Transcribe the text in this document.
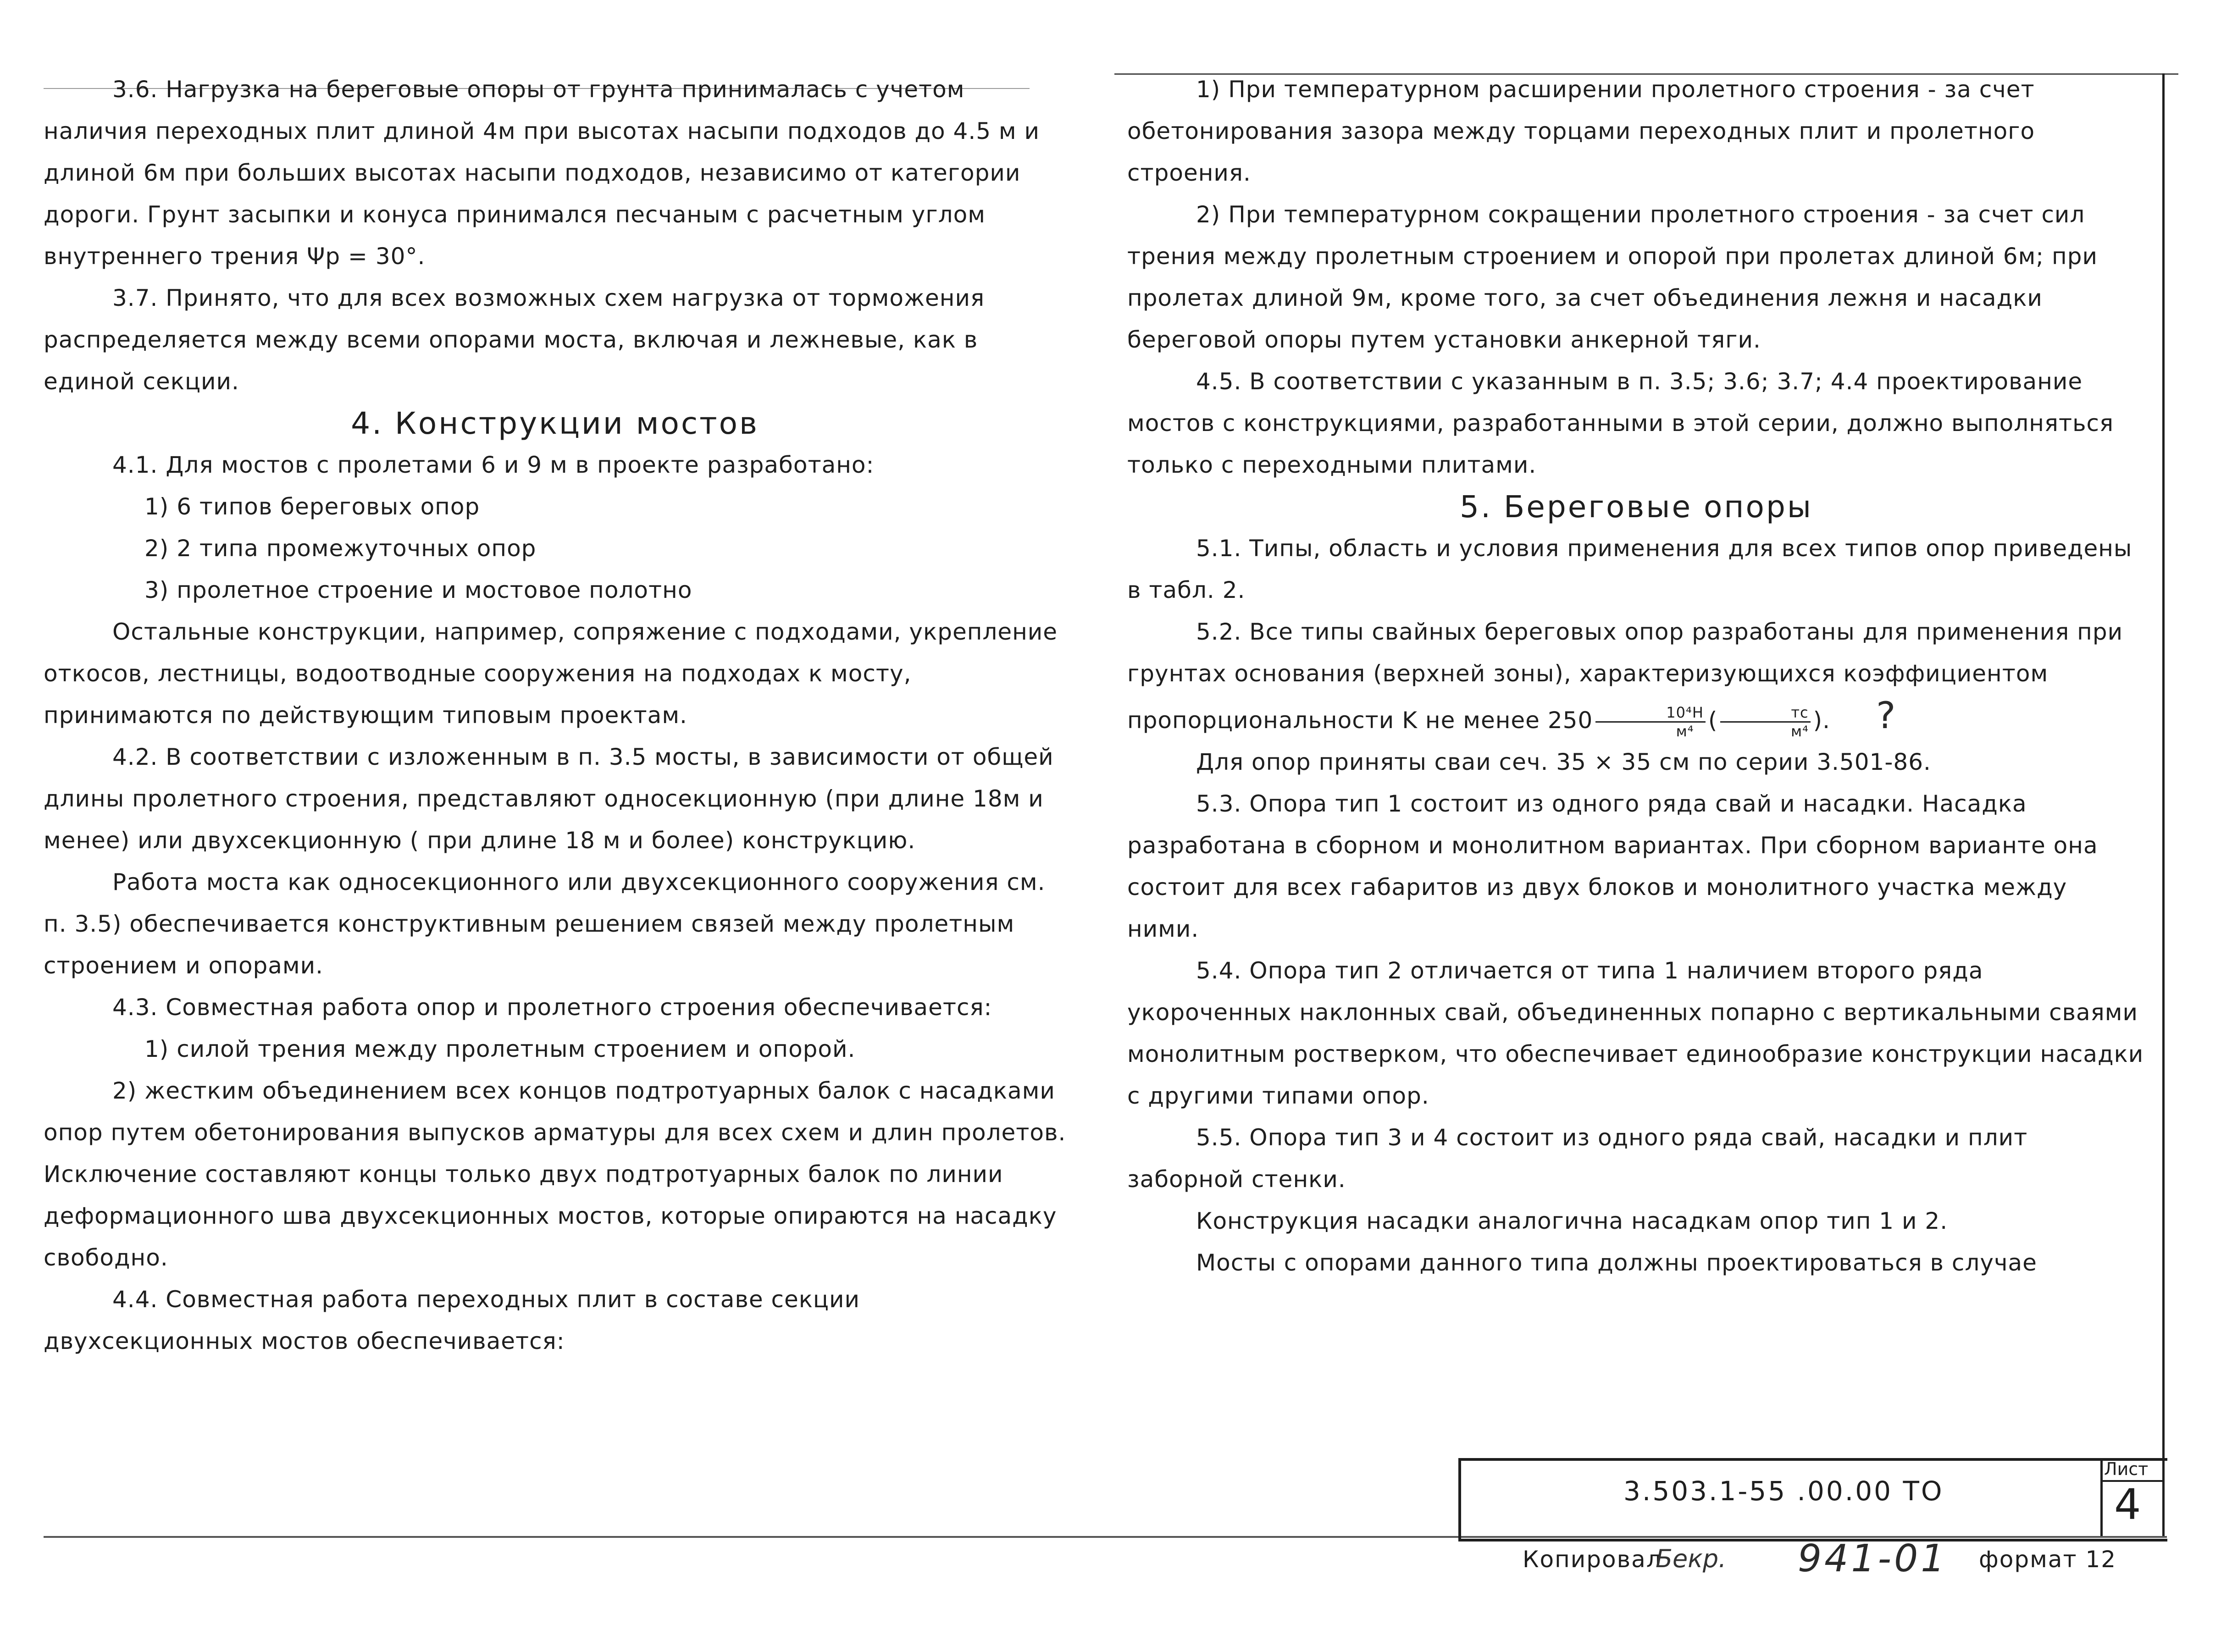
3.6. Нагрузка на береговые опоры от грунта принималась с учетом наличия переходных плит длиной 4м при высотах насыпи подходов до 4.5 м и длиной 6м при больших высотах насыпи подходов, независимо от категории дороги. Грунт засыпки и конуса принимался песчаным с расчетным углом внутреннего трения Ψр = 30°.

3.7. Принято, что для всех возможных схем нагрузка от торможения распределяется между всеми опорами моста, включая и лежневые, как в единой секции.

4. Конструкции мостов

4.1. Для мостов с пролетами 6 и 9 м в проекте разработано:

1) 6 типов береговых опор

2) 2 типа промежуточных опор

3) пролетное строение и мостовое полотно

Остальные конструкции, например, сопряжение с подходами, укрепление откосов, лестницы, водоотводные сооружения на подходах к мосту, принимаются по действующим типовым проектам.

4.2. В соответствии с изложенным в п. 3.5 мосты, в зависимости от общей длины пролетного строения, представляют односекционную (при длине 18м и менее) или двухсекционную ( при длине 18 м и более) конструкцию.

Работа моста как односекционного или двухсекционного сооружения см. п. 3.5) обеспечивается конструктивным решением связей между пролетным строением и опорами.

4.3. Совместная работа опор и пролетного строения обеспечивается:

1) силой трения между пролетным строением и опорой.

2) жестким объединением всех концов подтротуарных балок с насадками опор путем обетонирования выпусков арматуры для всех схем и длин пролетов. Исключение составляют концы только двух подтротуарных балок по линии деформационного шва двухсекционных мостов, которые опираются на насадку свободно.

4.4. Совместная работа переходных плит в составе секции двухсекционных мостов обеспечивается:

1) При температурном расширении пролетного строения - за счет обетонирования зазора между торцами переходных плит и пролетного строения.

2) При температурном сокращении пролетного строения - за счет сил трения между пролетным строением и опорой при пролетах длиной 6м; при пролетах длиной 9м, кроме того, за счет объединения лежня и насадки береговой опоры путем установки анкерной тяги.

4.5. В соответствии с указанным в п. 3.5; 3.6; 3.7; 4.4 проектирование мостов с конструкциями, разработанными в этой серии, должно выполняться только с переходными плитами.

5. Береговые опоры

5.1. Типы, область и условия применения для всех типов опор приведены в табл. 2.

5.2. Все типы свайных береговых опор разработаны для применения при грунтах основания (верхней зоны), характеризующихся коэффициентом пропорциональности K не менее $250 \frac{\text{10⁴Н}}{\text{м⁴}}$ ( $\frac{тс}{\text{м⁴}}$ ). ?

Для опор приняты сваи сеч. 35 × 35 см по серии 3.501-86.

5.3. Опора тип 1 состоит из одного ряда свай и насадки. Насадка разработана в сборном и монолитном вариантах. При сборном варианте она состоит для всех габаритов из двух блоков и монолитного участка между ними.

5.4. Опора тип 2 отличается от типа 1 наличием второго ряда укороченных наклонных свай, объединенных попарно с вертикальными сваями монолитным ростверком, что обеспечивает единообразие конструкции насадки с другими типами опор.

5.5. Опора тип 3 и 4 состоит из одного ряда свай, насадки и плит заборной стенки.

Конструкция насадки аналогична насадкам опор тип 1 и 2.

Мосты с опорами данного типа должны проектироваться в случае

3.503.1-55 .00.00 ТО
Лист
4
Копировал
Бекр. 941-01 формат 12
